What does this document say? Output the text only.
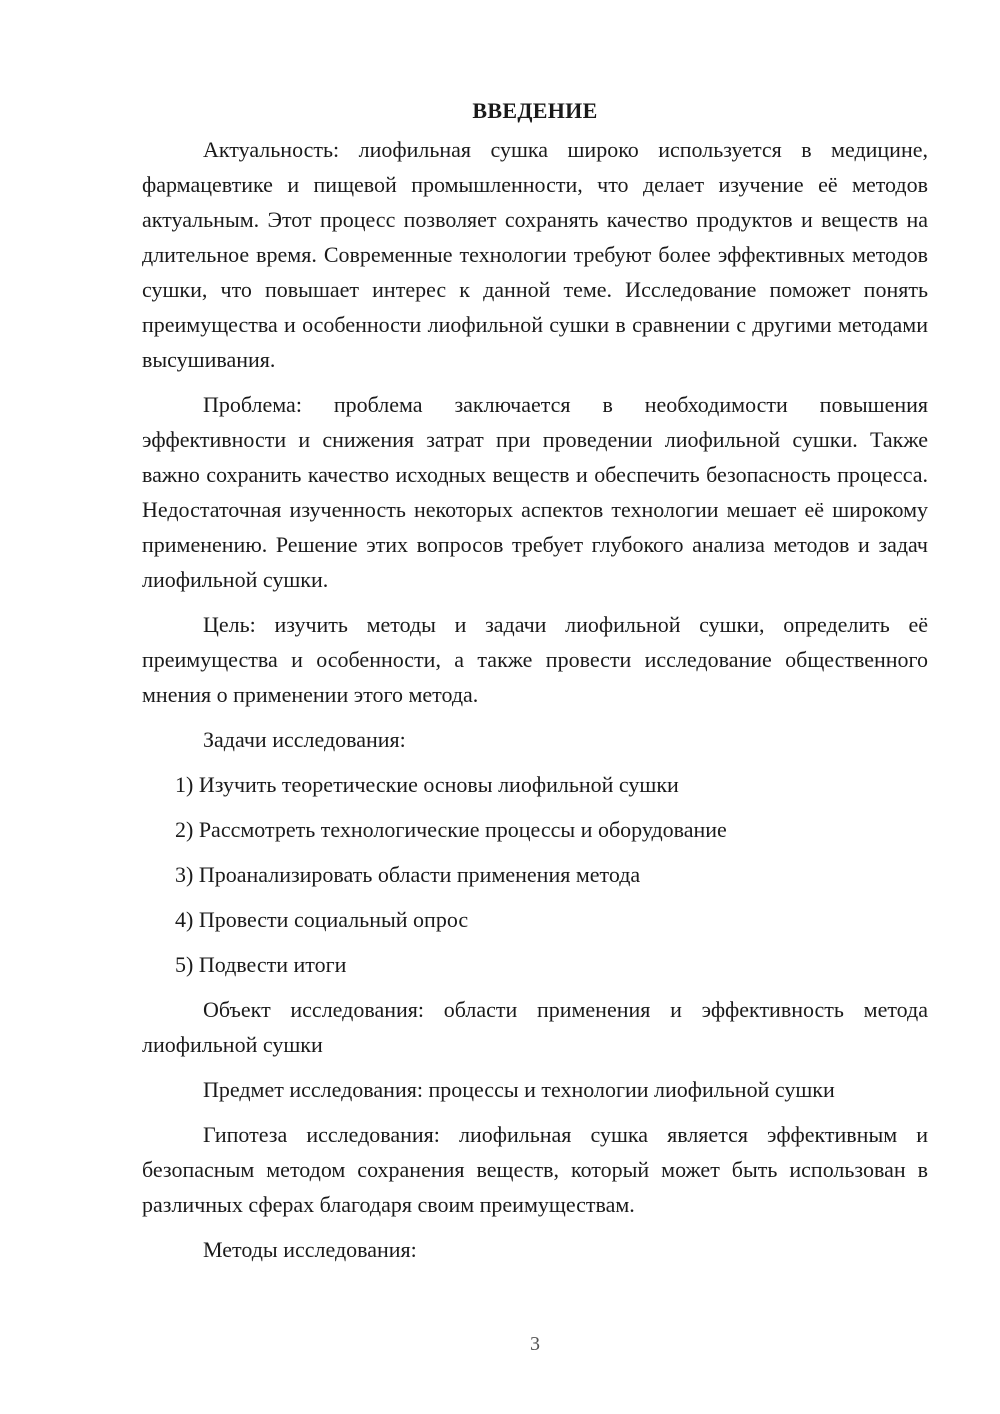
ВВЕДЕНИЕ

Актуальность: лиофильная сушка широко используется в медицине, фармацевтике и пищевой промышленности, что делает изучение её методов актуальным. Этот процесс позволяет сохранять качество продуктов и веществ на длительное время. Современные технологии требуют более эффективных методов сушки, что повышает интерес к данной теме. Исследование поможет понять преимущества и особенности лиофильной сушки в сравнении с другими методами высушивания.

Проблема: проблема заключается в необходимости повышения эффективности и снижения затрат при проведении лиофильной сушки. Также важно сохранить качество исходных веществ и обеспечить безопасность процесса. Недостаточная изученность некоторых аспектов технологии мешает её широкому применению. Решение этих вопросов требует глубокого анализа методов и задач лиофильной сушки.

Цель: изучить методы и задачи лиофильной сушки, определить её преимущества и особенности, а также провести исследование общественного мнения о применении этого метода.

Задачи исследования:

1) Изучить теоретические основы лиофильной сушки
2) Рассмотреть технологические процессы и оборудование
3) Проанализировать области применения метода
4) Провести социальный опрос
5) Подвести итоги

Объект исследования: области применения и эффективность метода лиофильной сушки

Предмет исследования: процессы и технологии лиофильной сушки

Гипотеза исследования: лиофильная сушка является эффективным и безопасным методом сохранения веществ, который может быть использован в различных сферах благодаря своим преимуществам.

Методы исследования:

3
